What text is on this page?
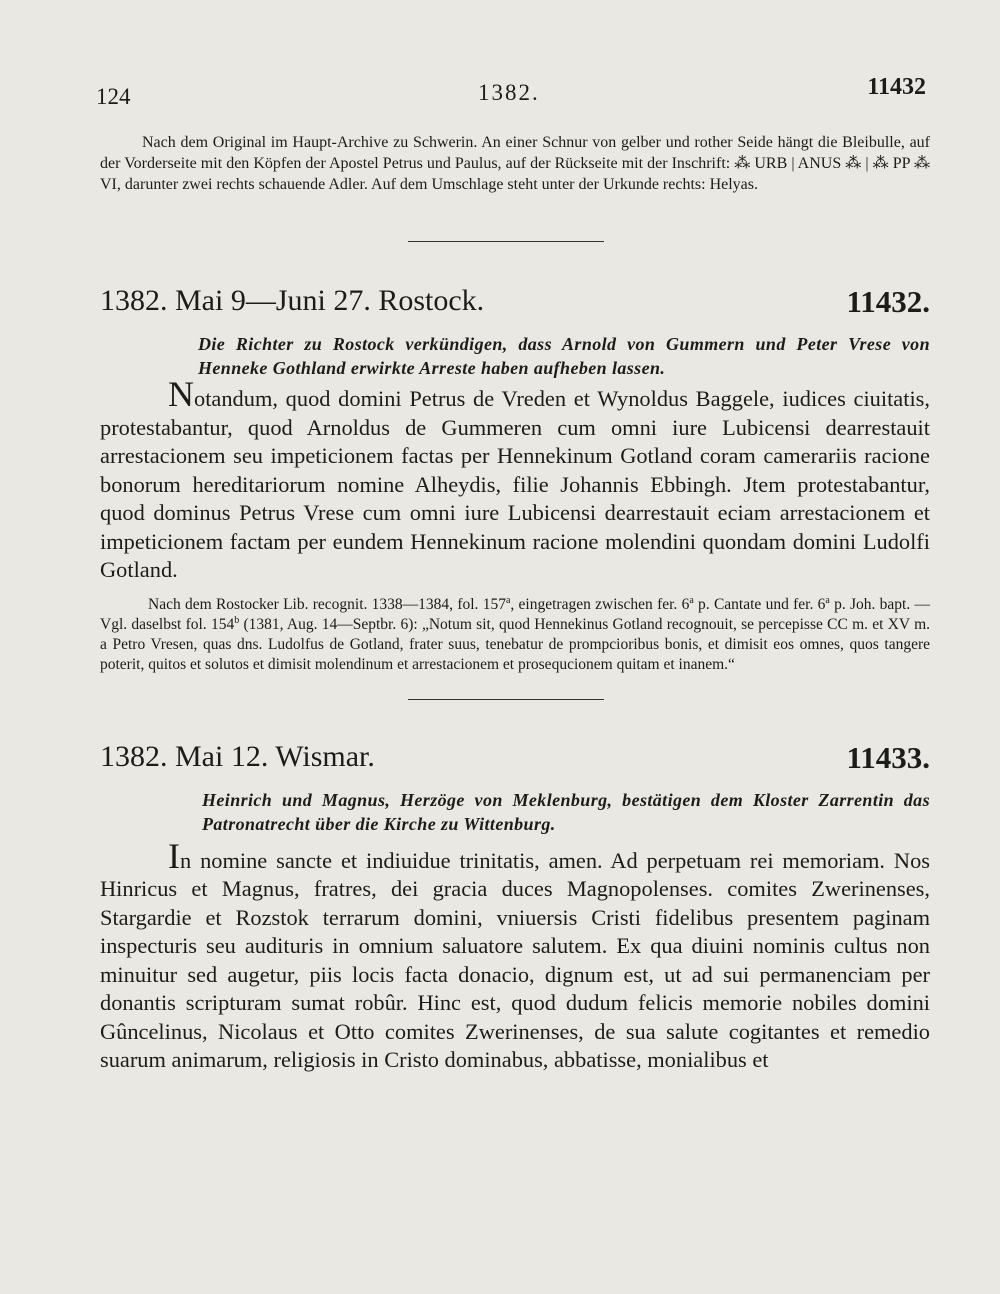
124	1382.	11432

Nach dem Original im Haupt-Archive zu Schwerin. An einer Schnur von gelber und rother Seide hängt die Bleibulle, auf der Vorderseite mit den Köpfen der Apostel Petrus und Paulus, auf der Rückseite mit der Inschrift: ⁂ URB | ANUS ⁂ | ⁂ PP ⁂ VI, darunter zwei rechts schauende Adler. Auf dem Umschlage steht unter der Urkunde rechts: Helyas.

1382. Mai 9—Juni 27. Rostock.	11432.

Die Richter zu Rostock verkündigen, dass Arnold von Gummern und Peter Vrese von Henneke Gothland erwirkte Arreste haben aufheben lassen.

Notandum, quod domini Petrus de Vreden et Wynoldus Baggele, iudices ciuitatis, protestabantur, quod Arnoldus de Gummeren cum omni iure Lubicensi dearrestauit arrestacionem seu impeticionem factas per Hennekinum Gotland coram camerariis racione bonorum hereditariorum nomine Alheydis, filie Johannis Ebbingh. Jtem protestabantur, quod dominus Petrus Vrese cum omni iure Lubicensi dearrestauit eciam arrestacionem et impeticionem factam per eundem Hennekinum racione molendini quondam domini Ludolfi Gotland.

Nach dem Rostocker Lib. recognit. 1338—1384, fol. 157$^a$, eingetragen zwischen fer. 6$^a$ p. Cantate und fer. 6$^a$ p. Joh. bapt. — Vgl. daselbst fol. 154$^b$ (1381, Aug. 14—Septbr. 6): „Notum sit, quod Hennekinus Gotland recognouit, se percepisse CC m. et XV m. a Petro Vresen, quas dns. Ludolfus de Gotland, frater suus, tenebatur de prompcioribus bonis, et dimisit eos omnes, quos tangere poterit, quitos et solutos et dimisit molendinum et arrestacionem et prosequcionem quitam et inanem.“

1382. Mai 12. Wismar.	11433.

Heinrich und Magnus, Herzöge von Meklenburg, bestätigen dem Kloster Zarrentin das Patronatrecht über die Kirche zu Wittenburg.

In nomine sancte et indiuidue trinitatis, amen. Ad perpetuam rei memoriam. Nos Hinricus et Magnus, fratres, dei gracia duces Magnopolenses. comites Zwerinenses, Stargardie et Rozstok terrarum domini, vniuersis Cristi fidelibus presentem paginam inspecturis seu audituris in omnium saluatore salutem. Ex qua diuini nominis cultus non minuitur sed augetur, piis locis facta donacio, dignum est, ut ad sui permanenciam per donantis scripturam sumat robûr. Hinc est, quod dudum felicis memorie nobiles domini Gûncelinus, Nicolaus et Otto comites Zwerinenses, de sua salute cogitantes et remedio suarum animarum, religiosis in Cristo dominabus, abbatisse, monialibus et
